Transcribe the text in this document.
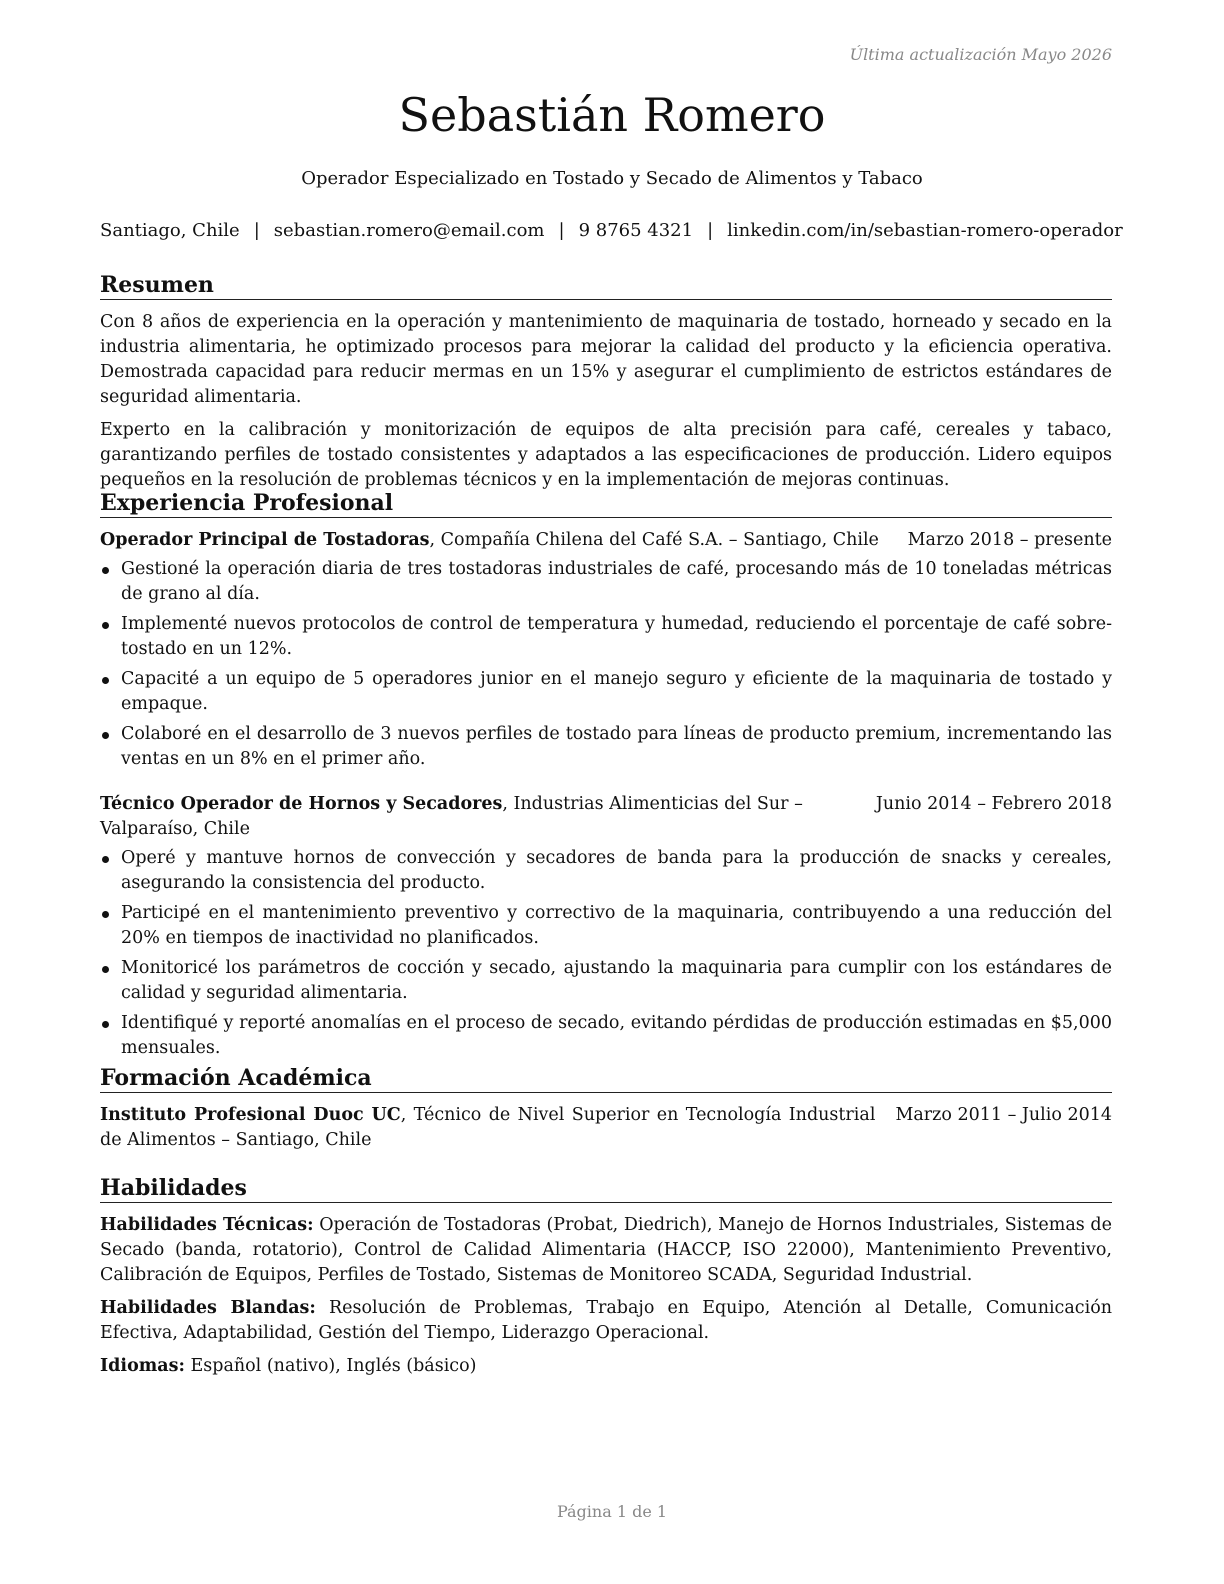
Última actualización Mayo 2026
Sebastián Romero
Operador Especializado en Tostado y Secado de Alimentos y Tabaco
Santiago, Chile | sebastian.romero@email.com | 9 8765 4321 | linkedin.com/in/sebastian-romero-operador
Resumen

Con 8 años de experiencia en la operación y mantenimiento de maquinaria de tostado, horneado y secado en la industria alimentaria, he optimizado procesos para mejorar la calidad del producto y la eficiencia operativa. Demostrada capacidad para reducir mermas en un 15% y asegurar el cumplimiento de estrictos estándares de seguridad alimentaria.

Experto en la calibración y monitorización de equipos de alta precisión para café, cereales y tabaco, garantizando perfiles de tostado consistentes y adaptados a las especificaciones de producción. Lidero equipos pequeños en la resolución de problemas técnicos y en la implementación de mejoras continuas.

Experiencia Profesional
Operador Principal de Tostadoras, Compañía Chilena del Café S.A. – Santiago, Chile Marzo 2018 – presente
Gestioné la operación diaria de tres tostadoras industriales de café, procesando más de 10 toneladas métricas de grano al día.
Implementé nuevos protocolos de control de temperatura y humedad, reduciendo el porcentaje de café sobre-tostado en un 12%.
Capacité a un equipo de 5 operadores junior en el manejo seguro y eficiente de la maquinaria de tostado y empaque.
Colaboré en el desarrollo de 3 nuevos perfiles de tostado para líneas de producto premium, incrementando las ventas en un 8% en el primer año.
Técnico Operador de Hornos y Secadores, Industrias Alimenticias del Sur – Valparaíso, Chile
Junio 2014 – Febrero 2018
Operé y mantuve hornos de convección y secadores de banda para la producción de snacks y cereales, asegurando la consistencia del producto.
Participé en el mantenimiento preventivo y correctivo de la maquinaria, contribuyendo a una reducción del 20% en tiempos de inactividad no planificados.
Monitoricé los parámetros de cocción y secado, ajustando la maquinaria para cumplir con los estándares de calidad y seguridad alimentaria.
Identifiqué y reporté anomalías en el proceso de secado, evitando pérdidas de producción estimadas en $5,000 mensuales.
Formación Académica
Instituto Profesional Duoc UC, Técnico de Nivel Superior en Tecnología Industrial de Alimentos – Santiago, Chile
Marzo 2011 – Julio 2014
Habilidades

Habilidades Técnicas: Operación de Tostadoras (Probat, Diedrich), Manejo de Hornos Industriales, Sistemas de Secado (banda, rotatorio), Control de Calidad Alimentaria (HACCP, ISO 22000), Mantenimiento Preventivo, Calibración de Equipos, Perfiles de Tostado, Sistemas de Monitoreo SCADA, Seguridad Industrial.

Habilidades Blandas: Resolución de Problemas, Trabajo en Equipo, Atención al Detalle, Comunicación Efectiva, Adaptabilidad, Gestión del Tiempo, Liderazgo Operacional.

Idiomas: Español (nativo), Inglés (básico)

Página 1 de 1
